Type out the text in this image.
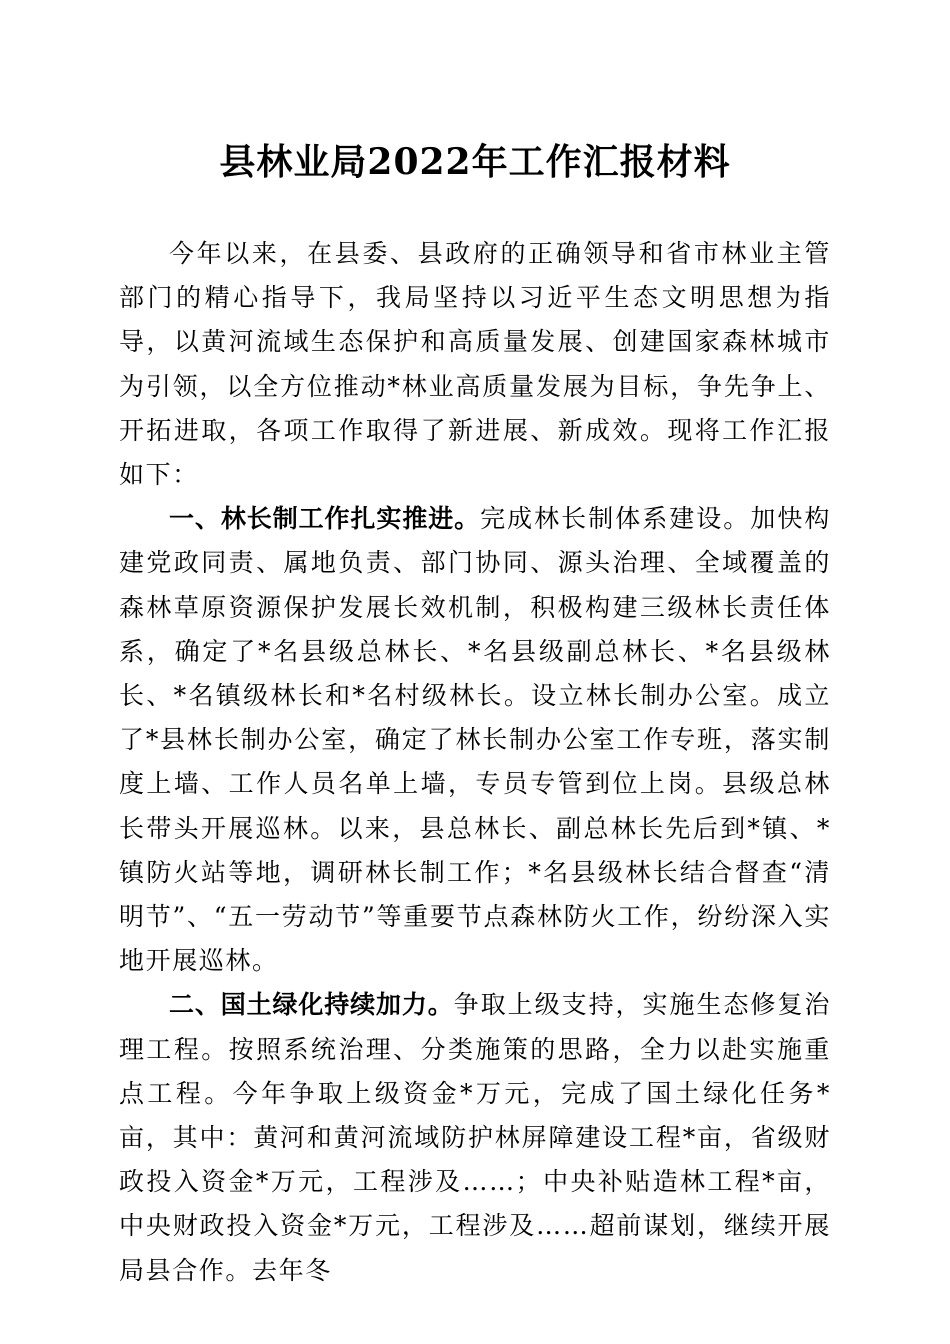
县林业局2022年工作汇报材料

今年以来，在县委、县政府的正确领导和省市林业主管部门的精心指导下，我局坚持以习近平生态文明思想为指导，以黄河流域生态保护和高质量发展、创建国家森林城市为引领，以全方位推动*林业高质量发展为目标，争先争上、开拓进取，各项工作取得了新进展、新成效。现将工作汇报如下：

一、林长制工作扎实推进。完成林长制体系建设。加快构建党政同责、属地负责、部门协同、源头治理、全域覆盖的森林草原资源保护发展长效机制，积极构建三级林长责任体系，确定了*名县级总林长、*名县级副总林长、*名县级林长、*名镇级林长和*名村级林长。设立林长制办公室。成立了*县林长制办公室，确定了林长制办公室工作专班，落实制度上墙、工作人员名单上墙，专员专管到位上岗。县级总林长带头开展巡林。以来，县总林长、副总林长先后到*镇、*镇防火站等地，调研林长制工作；*名县级林长结合督查“清明节”、“五一劳动节”等重要节点森林防火工作，纷纷深入实地开展巡林。

二、国土绿化持续加力。争取上级支持，实施生态修复治理工程。按照系统治理、分类施策的思路，全力以赴实施重点工程。今年争取上级资金*万元，完成了国土绿化任务*亩，其中：黄河和黄河流域防护林屏障建设工程*亩，省级财政投入资金*万元，工程涉及……；中央补贴造林工程*亩，中央财政投入资金*万元，工程涉及……超前谋划，继续开展局县合作。去年冬
